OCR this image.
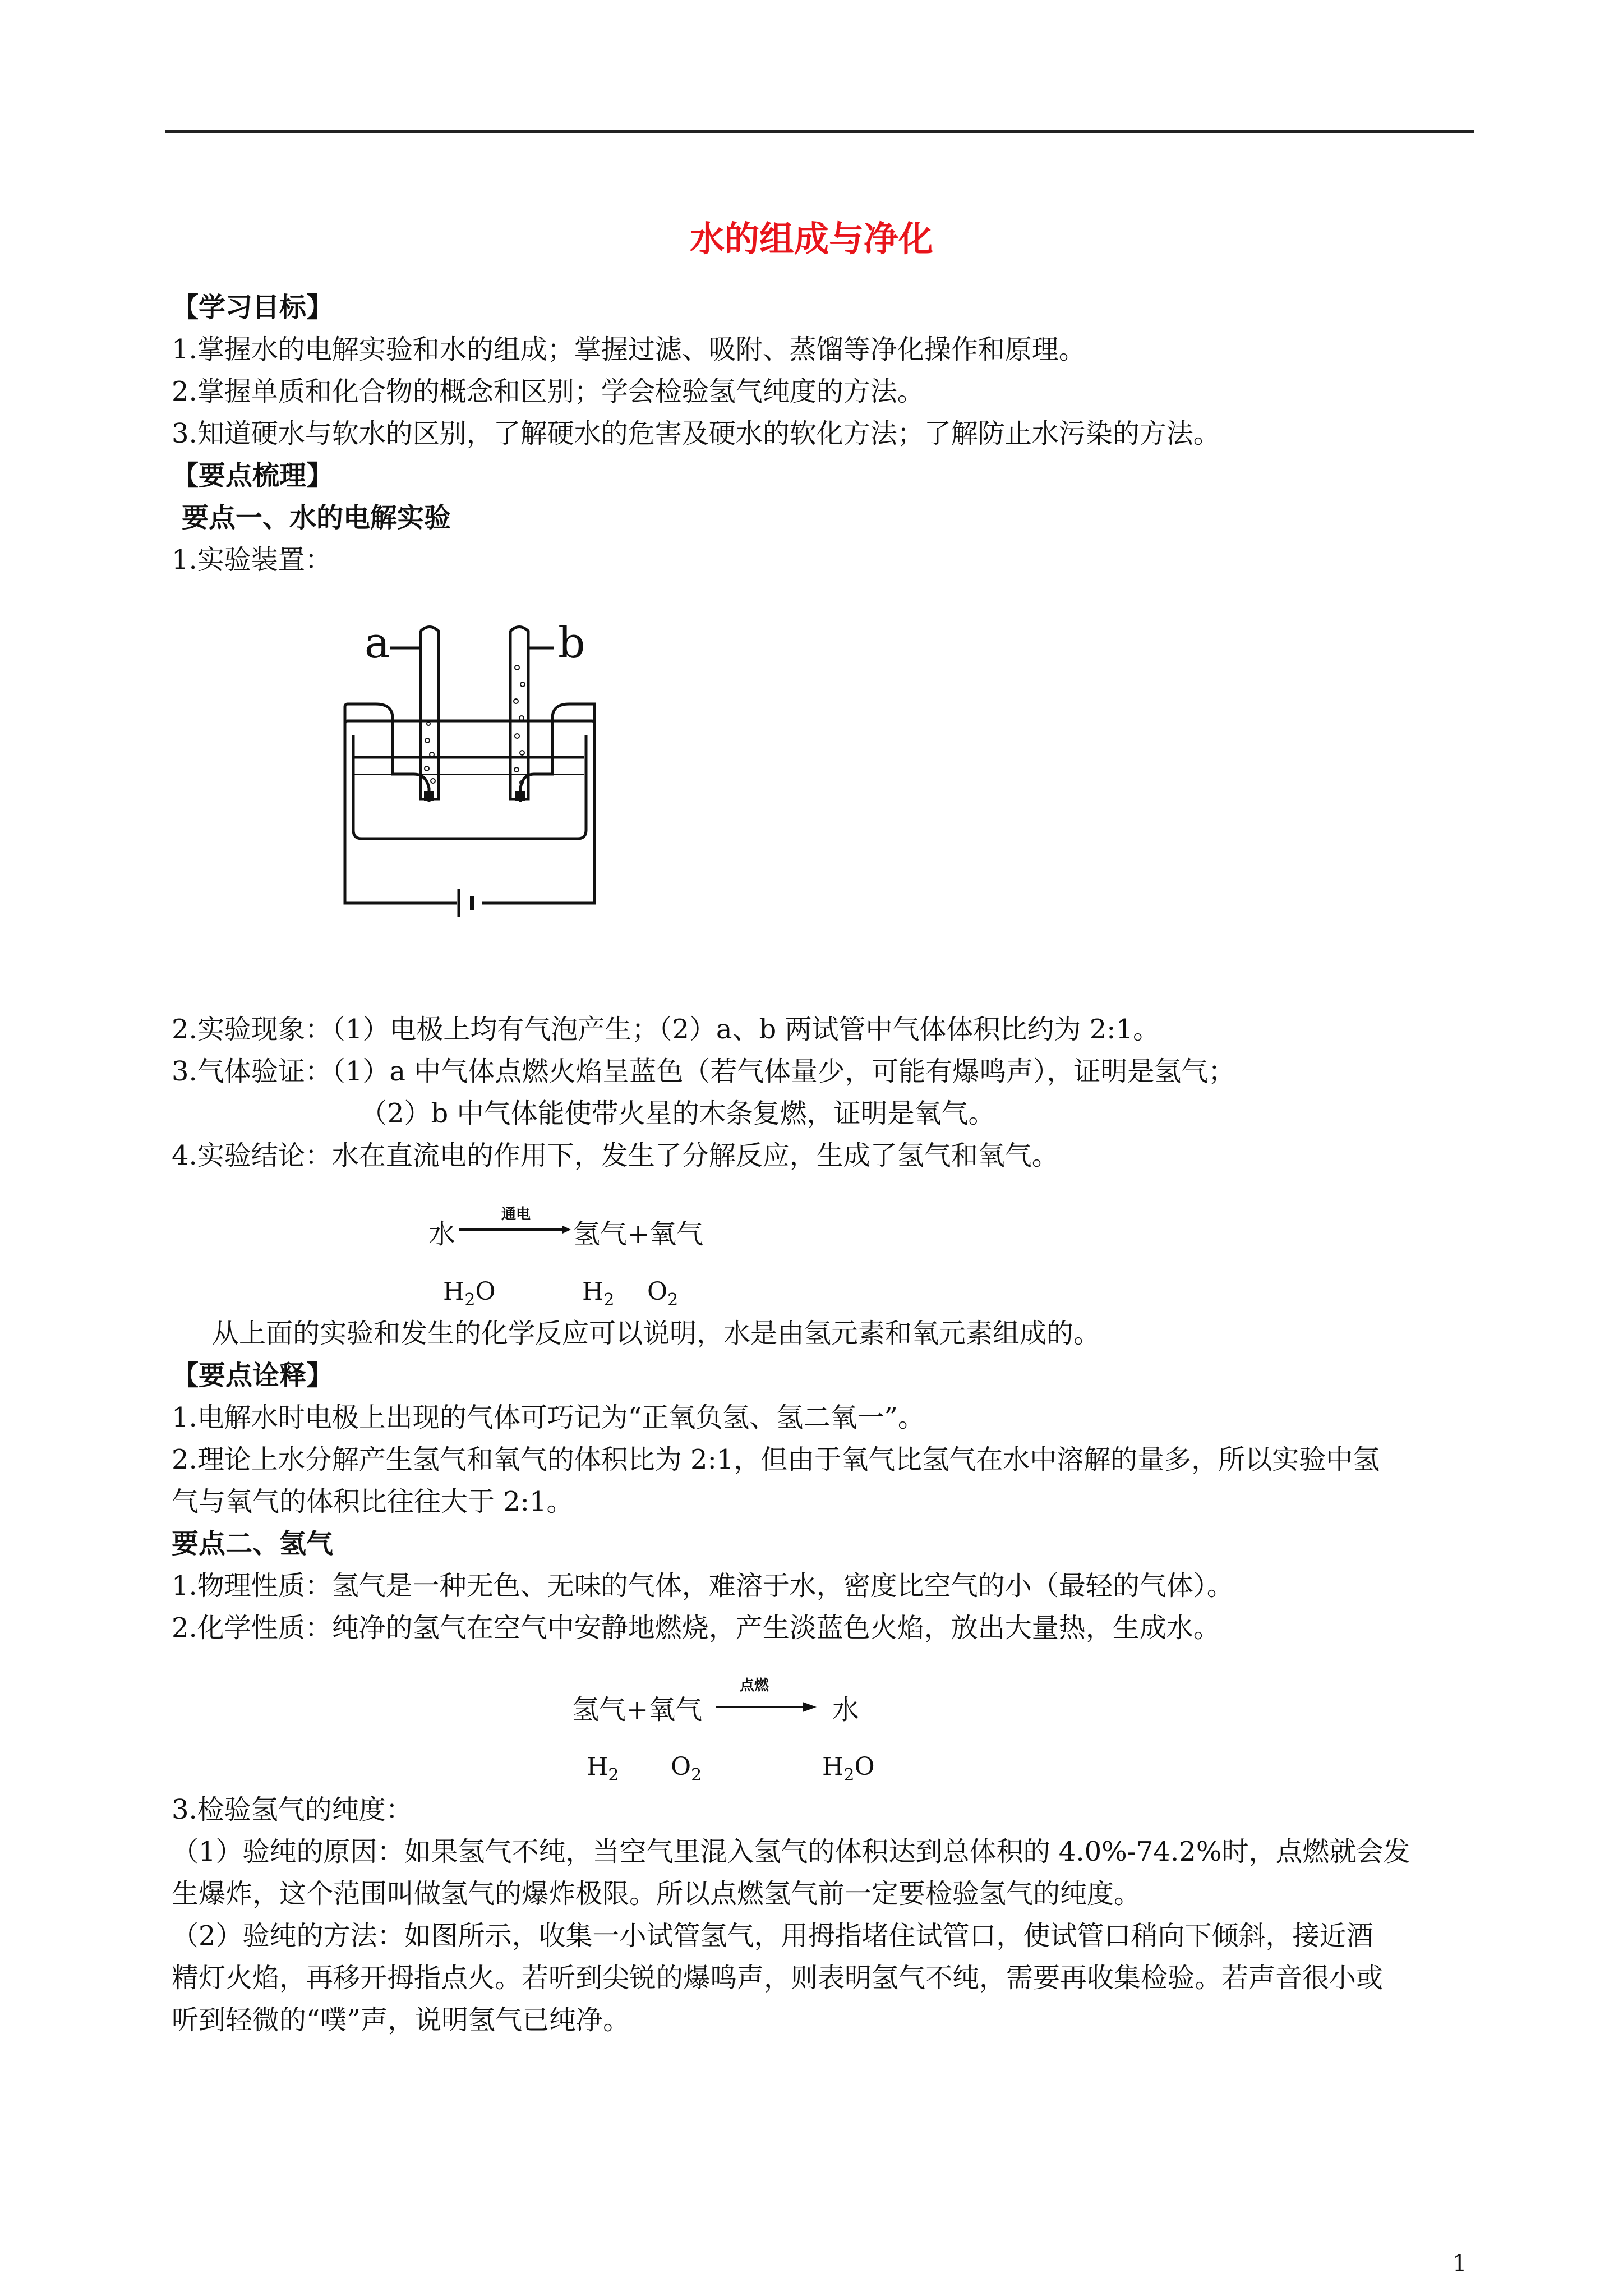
水的组成与净化
【学习目标】
1.掌握水的电解实验和水的组成；掌握过滤、吸附、蒸馏等净化操作和原理。
2.掌握单质和化合物的概念和区别；学会检验氢气纯度的方法。
3.知道硬水与软水的区别，了解硬水的危害及硬水的软化方法；了解防止水污染的方法。
【要点梳理】
要点一、水的电解实验
1.实验装置：
a	b
2.实验现象：（1）电极上均有气泡产生；（2）a、b 两试管中气体体积比约为 2:1。
3.气体验证：（1）a 中气体点燃火焰呈蓝色（若气体量少，可能有爆鸣声），证明是氢气；
（2）b 中气体能使带火星的木条复燃，证明是氧气。
4.实验结论：水在直流电的作用下，发生了分解反应，生成了氢气和氧气。
水
通电
氢气+氧气
$H_2O$	$H_2$ $O_2$
从上面的实验和发生的化学反应可以说明，水是由氢元素和氧元素组成的。
【要点诠释】
1.电解水时电极上出现的气体可巧记为“正氧负氢、氢二氧一”。
2.理论上水分解产生氢气和氧气的体积比为 2:1，但由于氧气比氢气在水中溶解的量多，所以实验中氢
气与氧气的体积比往往大于 2:1。
要点二、氢气
1.物理性质：氢气是一种无色、无味的气体，难溶于水，密度比空气的小（最轻的气体）。
2.化学性质：纯净的氢气在空气中安静地燃烧，产生淡蓝色火焰，放出大量热，生成水。
氢气+氧气
点燃
水
$H_2$ $O_2$	$H_2O$
3.检验氢气的纯度：
（1）验纯的原因：如果氢气不纯，当空气里混入氢气的体积达到总体积的 4.0%-74.2%时，点燃就会发
生爆炸，这个范围叫做氢气的爆炸极限。所以点燃氢气前一定要检验氢气的纯度。
（2）验纯的方法：如图所示，收集一小试管氢气，用拇指堵住试管口，使试管口稍向下倾斜，接近酒
精灯火焰，再移开拇指点火。若听到尖锐的爆鸣声，则表明氢气不纯，需要再收集检验。若声音很小或
听到轻微的“噗”声，说明氢气已纯净。
1
